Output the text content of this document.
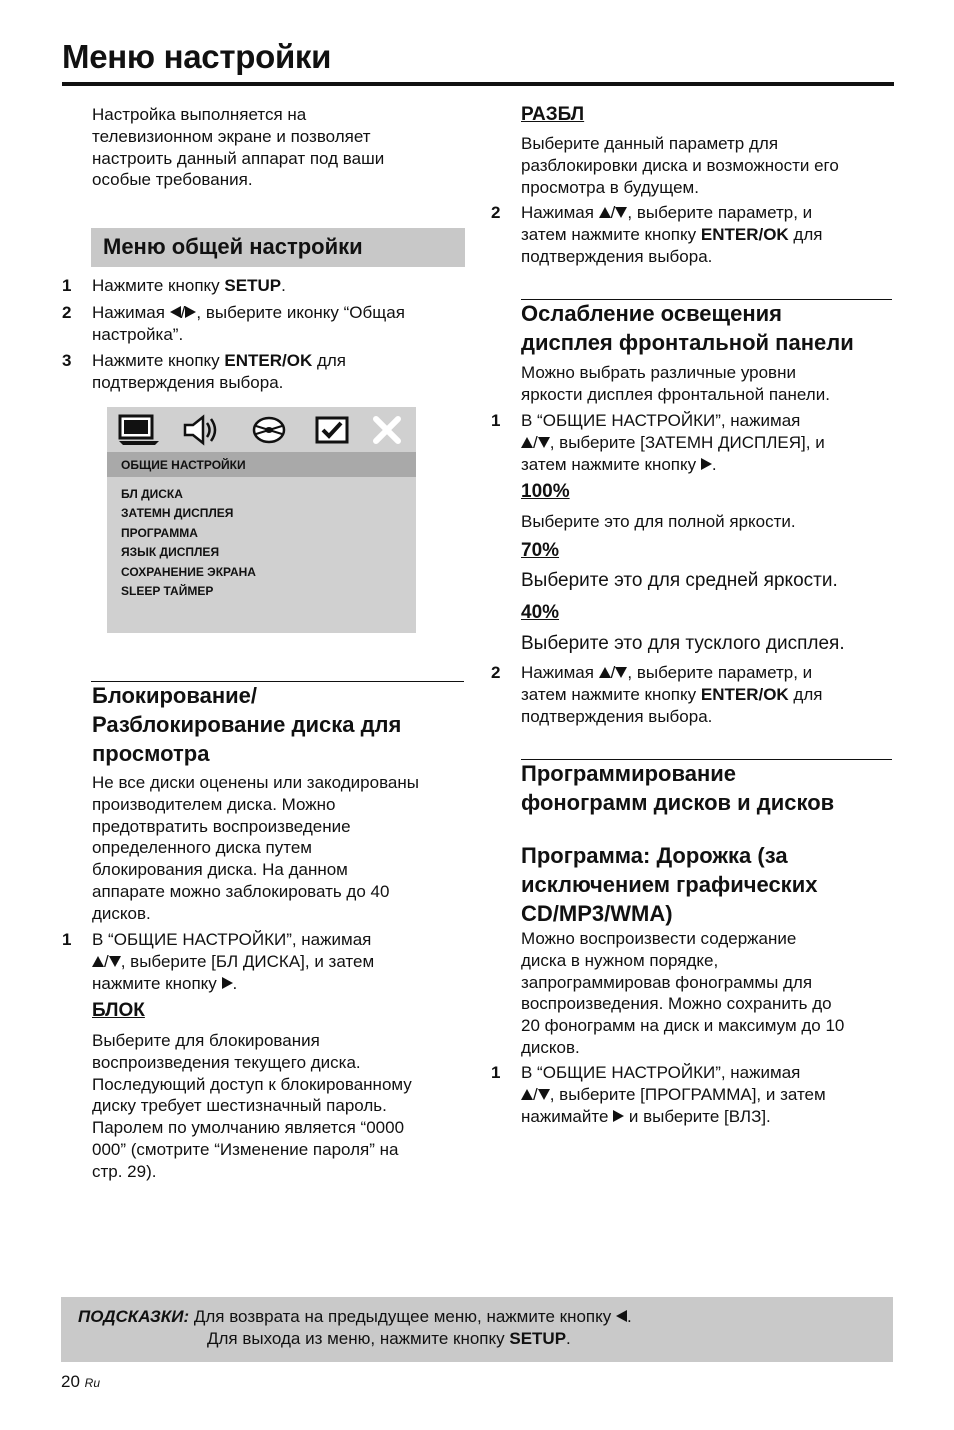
Меню настройки
Настройка выполняется на
телевизионном экране и позволяет
настроить данный аппарат под ваши
особые требования.
Меню общей настройки
1 Нажмите кнопку SETUP.
2 Нажимая / , выберите иконку “Общая
настройка”.
3 Нажмите кнопку ENTER/OK для
подтверждения выбора.
ОБЩИЕ НАСТРОЙКИ
БЛ ДИСКА
ЗАТЕМН ДИСПЛЕЯ
ПРОГРАММА
ЯЗЫК ДИСПЛЕЯ
СОХРАНЕНИЕ ЭКРАНА
SLEEP ТАЙМЕР
Блокирование/
Разблокирование диска для
просмотра
Не все диски оценены или закодированы
производителем диска. Можно
предотвратить воспроизведение
определенного диска путем
блокирования диска. На данном
аппарате можно заблокировать до 40
дисков.
1 В “ОБЩИЕ НАСТРОЙКИ”, нажимая
/ , выберите [БЛ ДИСКА], и затем
нажмите кнопку .
БЛОК
Выберите для блокирования
воспроизведения текущего диска.
Последующий доступ к блокированному
диску требует шестизначный пароль.
Паролем по умолчанию является “0000
000” (смотрите “Изменение пароля” на
стр. 29).
РАЗБЛ
Выберите данный параметр для
разблокировки диска и возможности его
просмотра в будущем.
2 Нажимая / , выберите параметр, и
затем нажмите кнопку ENTER/OK для
подтверждения выбора.
Ослабление освещения
дисплея фронтальной панели
Можно выбрать различные уровни
яркости дисплея фронтальной панели.
1 В “ОБЩИЕ НАСТРОЙКИ”, нажимая
/ , выберите [ЗАТЕМН ДИСПЛЕЯ], и
затем нажмите кнопку .
100%
Выберите это для полной яркости.
70%
Выберите это для средней яркости.
40%
Выберите это для тусклого дисплея.
2 Нажимая / , выберите параметр, и
затем нажмите кнопку ENTER/OK для
подтверждения выбора.
Программирование
фонограмм дисков и дисков
Программа: Дорожка (за
исключением графических
CD/MP3/WMA)
Можно воспроизвести содержание
диска в нужном порядке,
запрограммировав фонограммы для
воспроизведения. Можно сохранить до
20 фонограмм на диск и максимум до 10
дисков.
1 В “ОБЩИЕ НАСТРОЙКИ”, нажимая
/ , выберите [ПРОГРАММА], и затем
нажимайте  и выберите [ВЛЗ].
ПОДСКАЗКИ: Для возврата на предыдущее меню, нажмите кнопку .
Для выхода из меню, нажмите кнопку SETUP.
20 Ru
